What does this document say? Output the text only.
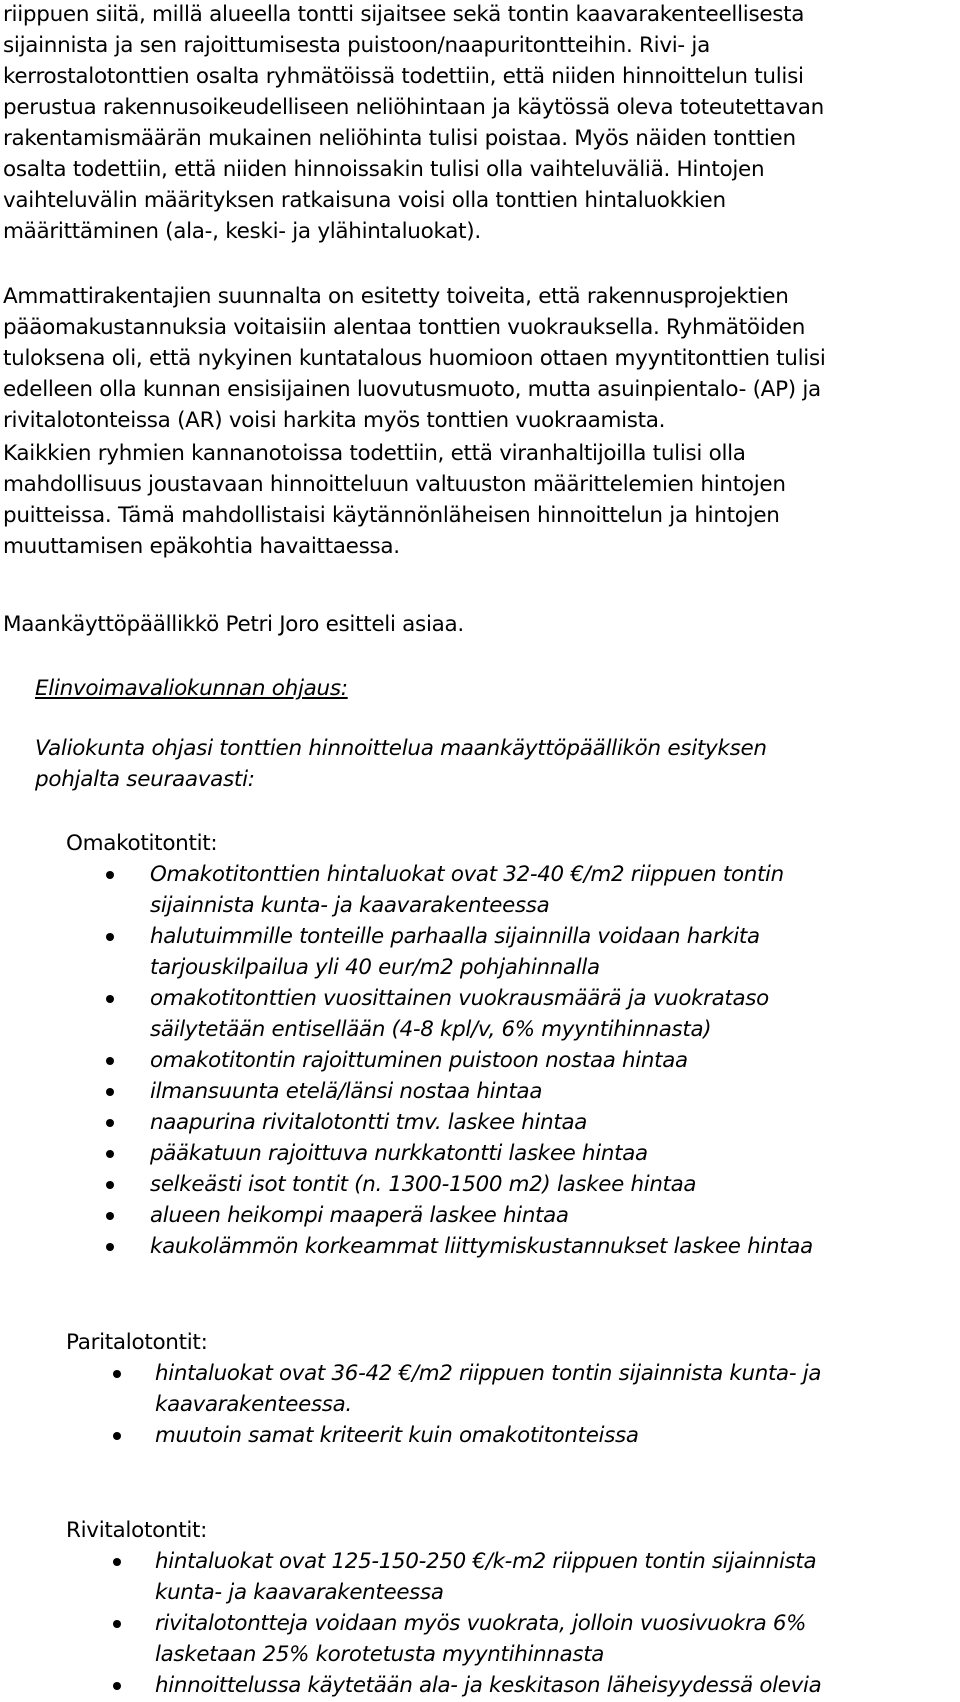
riippuen siitä, millä alueella tontti sijaitsee sekä tontin kaavarakenteellisesta
sijainnista ja sen rajoittumisesta puistoon/naapuritontteihin. Rivi- ja
kerrostalotonttien osalta ryhmätöissä todettiin, että niiden hinnoittelun tulisi
perustua rakennusoikeudelliseen neliöhintaan ja käytössä oleva toteutettavan
rakentamismäärän mukainen neliöhinta tulisi poistaa. Myös näiden tonttien
osalta todettiin, että niiden hinnoissakin tulisi olla vaihteluväliä. Hintojen
vaihteluvälin määrityksen ratkaisuna voisi olla tonttien hintaluokkien
määrittäminen (ala-, keski- ja ylähintaluokat).
Ammattirakentajien suunnalta on esitetty toiveita, että rakennusprojektien
pääomakustannuksia voitaisiin alentaa tonttien vuokrauksella. Ryhmätöiden
tuloksena oli, että nykyinen kuntatalous huomioon ottaen myyntitonttien tulisi
edelleen olla kunnan ensisijainen luovutusmuoto, mutta asuinpientalo- (AP) ja
rivitalotonteissa (AR) voisi harkita myös tonttien vuokraamista.
Kaikkien ryhmien kannanotoissa todettiin, että viranhaltijoilla tulisi olla
mahdollisuus joustavaan hinnoitteluun valtuuston määrittelemien hintojen
puitteissa. Tämä mahdollistaisi käytännönläheisen hinnoittelun ja hintojen
muuttamisen epäkohtia havaittaessa.
Maankäyttöpäällikkö Petri Joro esitteli asiaa.
Elinvoimavaliokunnan ohjaus:
Valiokunta ohjasi tonttien hinnoittelua maankäyttöpäällikön esityksen
pohjalta seuraavasti:
Omakotitontit:
Omakotitonttien hintaluokat ovat 32-40 €/m2 riippuen tontin
sijainnista kunta- ja kaavarakenteessa
halutuimmille tonteille parhaalla sijainnilla voidaan harkita
tarjouskilpailua yli 40 eur/m2 pohjahinnalla
omakotitonttien vuosittainen vuokrausmäärä ja vuokrataso
säilytetään entisellään (4-8 kpl/v, 6% myyntihinnasta)
omakotitontin rajoittuminen puistoon nostaa hintaa
ilmansuunta etelä/länsi nostaa hintaa
naapurina rivitalotontti tmv. laskee hintaa
pääkatuun rajoittuva nurkkatontti laskee hintaa
selkeästi isot tontit (n. 1300-1500 m2) laskee hintaa
alueen heikompi maaperä laskee hintaa
kaukolämmön korkeammat liittymiskustannukset laskee hintaa
Paritalotontit:
hintaluokat ovat 36-42 €/m2 riippuen tontin sijainnista kunta- ja
kaavarakenteessa.
muutoin samat kriteerit kuin omakotitonteissa
Rivitalotontit:
hintaluokat ovat 125-150-250 €/k-m2 riippuen tontin sijainnista
kunta- ja kaavarakenteessa
rivitalotontteja voidaan myös vuokrata, jolloin vuosivuokra 6%
lasketaan 25% korotetusta myyntihinnasta
hinnoittelussa käytetään ala- ja keskitason läheisyydessä olevia
